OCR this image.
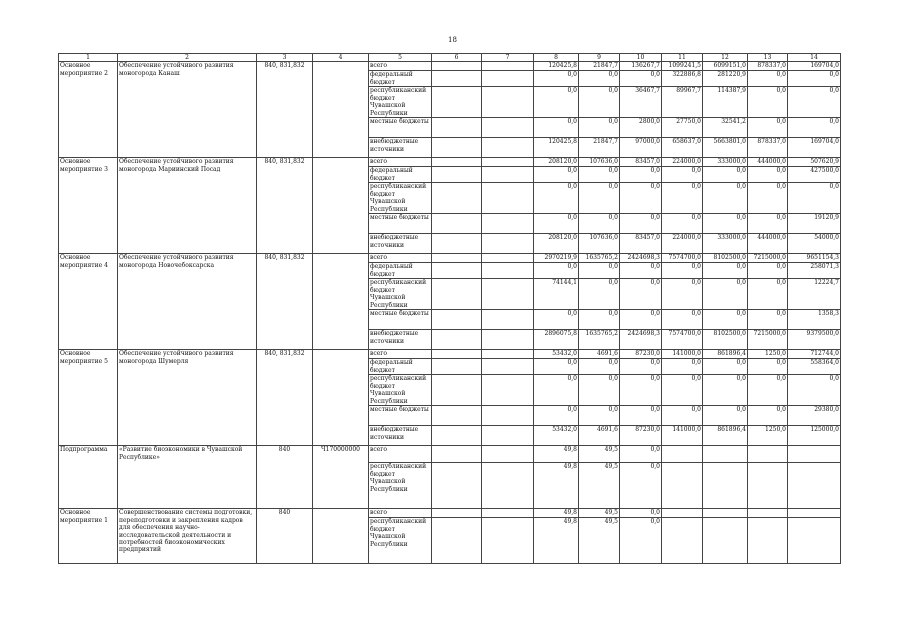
18
1	2	3	4	5	6	7	8	9	10	11	12	13	14
Основное мероприятие 2	Обеспечение устойчивого развития моногорода Канаш	840, 831,832		всего			120425,8	21847,7	136267,7	1099241,5	6099151,0	878337,0	169704,0
				федеральный бюджет			0,0	0,0	0,0	322886,8	281220,9	0,0	0,0
				республиканский бюджет Чувашской Республики			0,0	0,0	36467,7	89967,7	114387,9	0,0	0,0
				местные бюджеты			0,0	0,0	2800,0	27750,0	32541,2	0,0	0,0
				внебюджетные источники			120425,8	21847,7	97000,0	658637,0	5663801,0	878337,0	169704,0
Основное мероприятие 3	Обеспечение устойчивого развития моногорода Мариинский Посад	840, 831,832		всего			208120,0	107636,0	83457,0	224000,0	333000,0	444000,0	507620,9
				федеральный бюджет			0,0	0,0	0,0	0,0	0,0	0,0	427500,0
				республиканский бюджет Чувашской Республики			0,0	0,0	0,0	0,0	0,0	0,0	0,0
				местные бюджеты			0,0	0,0	0,0	0,0	0,0	0,0	19120,9
				внебюджетные источники			208120,0	107636,0	83457,0	224000,0	333000,0	444000,0	54000,0
Основное мероприятие 4	Обеспечение устойчивого развития моногорода Новочебоксарска	840, 831,832		всего			2970219,9	1635765,2	2424698,3	7574700,0	8102500,0	7215000,0	9651154,3
				федеральный бюджет			0,0	0,0	0,0	0,0	0,0	0,0	258071,3
				республиканский бюджет Чувашской Республики			74144,1	0,0	0,0	0,0	0,0	0,0	12224,7
				местные бюджеты			0,0	0,0	0,0	0,0	0,0	0,0	1358,3
				внебюджетные источники			2896075,8	1635765,2	2424698,3	7574700,0	8102500,0	7215000,0	9379500,0
Основное мероприятие 5	Обеспечение устойчивого развития моногорода Шумерля	840, 831,832		всего			53432,0	4691,6	87230,0	141000,0	861896,4	1250,0	712744,0
				федеральный бюджет			0,0	0,0	0,0	0,0	0,0	0,0	558364,0
				республиканский бюджет Чувашской Республики			0,0	0,0	0,0	0,0	0,0	0,0	0,0
				местные бюджеты			0,0	0,0	0,0	0,0	0,0	0,0	29380,0
				внебюджетные источники			53432,0	4691,6	87230,0	141000,0	861896,4	1250,0	125000,0
Подпрограмма	«Развитие биоэкономики в Чувашской Республике»	840	Ч170000000	всего			49,8	49,5	0,0				
				республиканский бюджет Чувашской Республики			49,8	49,5	0,0				
Основное мероприятие 1	Совершенствование системы подготовки, переподготовки и закрепления кадров для обеспечения научно-исследовательской деятельности и потребностей биоэкономических предприятий	840		всего			49,8	49,5	0,0				
				республиканский бюджет Чувашской Республики			49,8	49,5	0,0				
